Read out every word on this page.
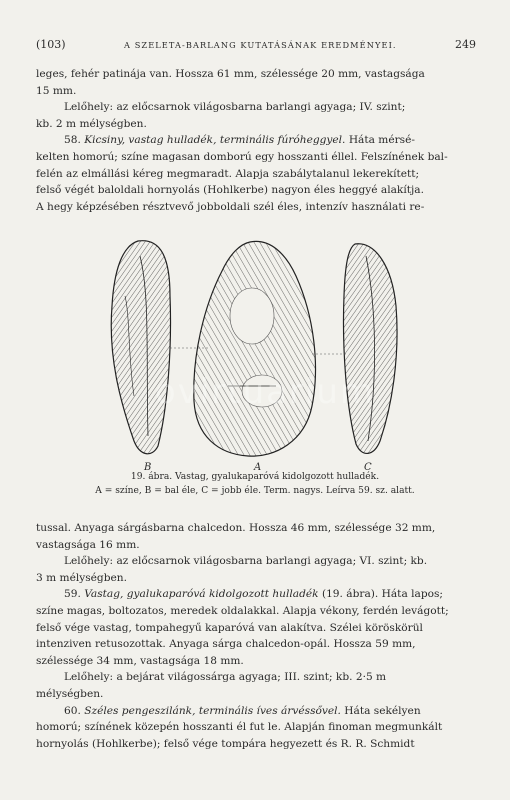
(103)	A SZELETA-BARLANG KUTATÁSÁNAK EREDMÉNYEI.	249

leges, fehér patinája van. Hossza 61 mm, szélessége 20 mm, vastagsága

15 mm.

Lelőhely: az előcsarnok világosbarna barlangi agyaga; IV. szint;

kb. 2 m mélységben.

58. Kicsiny, vastag hulladék, terminális fúróheggyel. Háta mérsé-

kelten homorú; színe magasan domború egy hosszanti éllel. Felszínének bal-

felén az elmállási kéreg megmaradt. Alapja szabálytalanul lekerekített;

felső végét baloldali hornyolás (Hohlkerbe) nagyon éles heggyé alakítja.

A hegy képzésében résztvevő jobboldali szél éles, intenzív használati re-

B	A	C
ovirtuarium
19. ábra. Vastag, gyalukaparóvá kidolgozott hulladék.
A = színe, B = bal éle, C = jobb éle. Term. nagys. Leírva 59. sz. alatt.

tussal. Anyaga sárgásbarna chalcedon. Hossza 46 mm, szélessége 32 mm,

vastagsága 16 mm.

Lelőhely: az előcsarnok világosbarna barlangi agyaga; VI. szint; kb.

3 m mélységben.

59. Vastag, gyalukaparóvá kidolgozott hulladék (19. ábra). Háta lapos;

színe magas, boltozatos, meredek oldalakkal. Alapja vékony, ferdén levágott;

felső vége vastag, tompahegyű kaparóvá van alakítva. Szélei köröskörül

intenziven retusozottak. Anyaga sárga chalcedon-opál. Hossza 59 mm,

szélessége 34 mm, vastagsága 18 mm.

Lelőhely: a bejárat világossárga agyaga; III. szint; kb. 2·5 m

mélységben.

60. Széles pengeszilánk, terminális íves árvéssővel. Háta sekélyen

homorú; színének közepén hosszanti él fut le. Alapján finoman megmunkált

hornyolás (Hohlkerbe); felső vége tompára hegyezett és R. R. Schmidt
